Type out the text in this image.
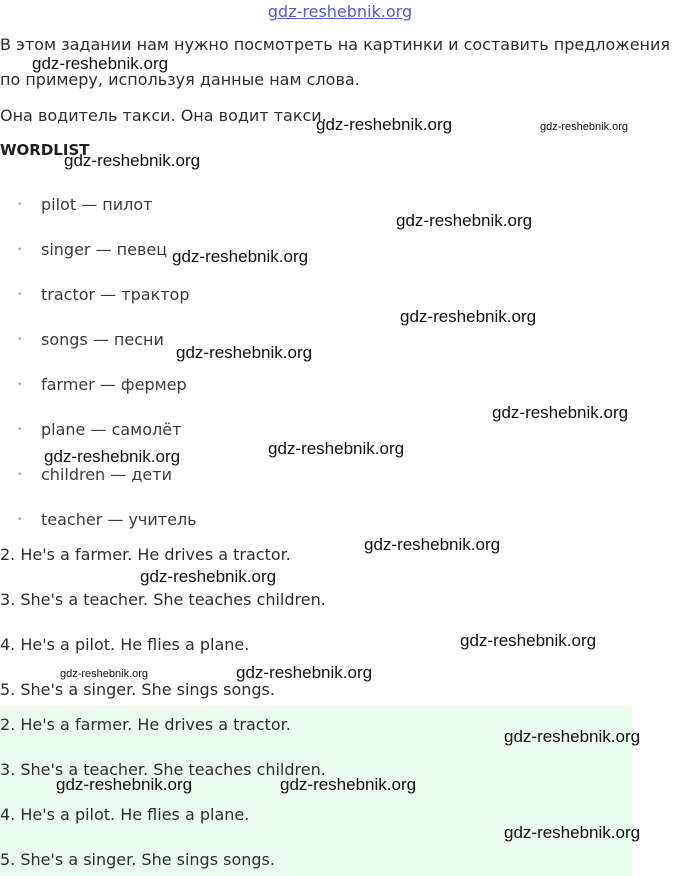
gdz-reshebnik.org
В этом задании нам нужно посмотреть на картинки и составить предложения
по примеру, используя данные нам слова.
Она водитель такси. Она водит такси.
WORDLIST
• pilot — пилот
• singer — певец
• tractor — трактор
• songs — песни
• farmer — фермер
• plane — самолёт
• children — дети
• teacher — учитель
2. He's a farmer. He drives a tractor.
3. She's a teacher. She teaches children.
4. He's a pilot. He flies a plane.
5. She's a singer. She sings songs.
2. He's a farmer. He drives a tractor.
3. She's a teacher. She teaches children.
4. He's a pilot. He flies a plane.
5. She's a singer. She sings songs.
gdz-reshebnik.org
gdz-reshebnik.org	gdz-reshebnik.org
gdz-reshebnik.org
gdz-reshebnik.org
gdz-reshebnik.org
gdz-reshebnik.org
gdz-reshebnik.org
gdz-reshebnik.org
gdz-reshebnik.org
gdz-reshebnik.org
gdz-reshebnik.org
gdz-reshebnik.org
gdz-reshebnik.org
gdz-reshebnik.org	gdz-reshebnik.org
gdz-reshebnik.org
gdz-reshebnik.org	gdz-reshebnik.org
gdz-reshebnik.org
